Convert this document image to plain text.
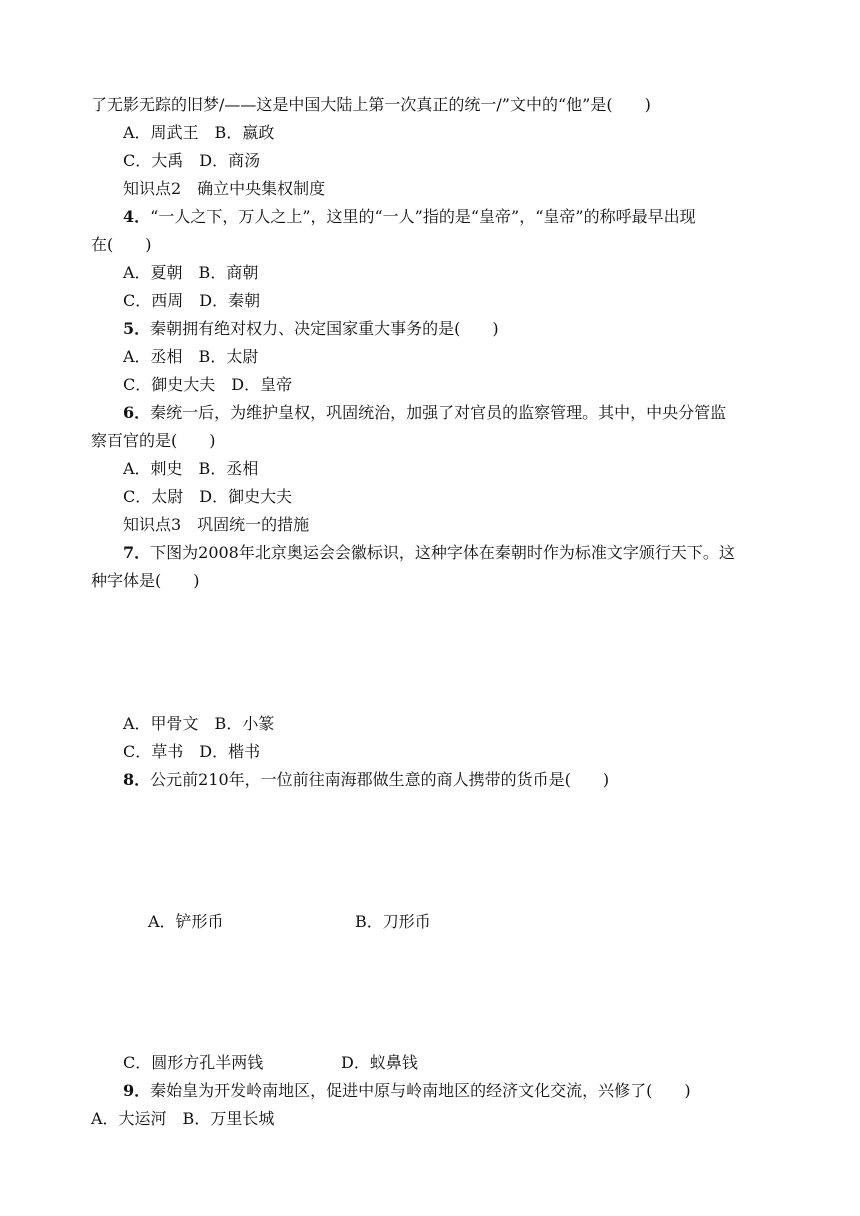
了无影无踪的旧梦/——这是中国大陆上第一次真正的统一/”文中的“他”是(　　)
A．周武王　B．嬴政
C．大禹　D．商汤
知识点2　确立中央集权制度
4．“一人之下，万人之上”，这里的“一人”指的是“皇帝”，“皇帝”的称呼最早出现
在(　　)
A．夏朝　B．商朝
C．西周　D．秦朝
5．秦朝拥有绝对权力、决定国家重大事务的是(　　)
A．丞相　B．太尉
C．御史大夫　D．皇帝
6．秦统一后，为维护皇权，巩固统治，加强了对官员的监察管理。其中，中央分管监
察百官的是(　　)
A．刺史　B．丞相
C．太尉　D．御史大夫
知识点3　巩固统一的措施
7．下图为2008年北京奥运会会徽标识，这种字体在秦朝时作为标准文字颁行天下。这
种字体是(　　)
A．甲骨文　B．小篆
C．草书　D．楷书
8．公元前210年，一位前往南海郡做生意的商人携带的货币是(　　)
A．铲形币	B．刀形币
C．圆形方孔半两钱	D．蚁鼻钱
9．秦始皇为开发岭南地区，促进中原与岭南地区的经济文化交流，兴修了(　　)
A．大运河　B．万里长城
